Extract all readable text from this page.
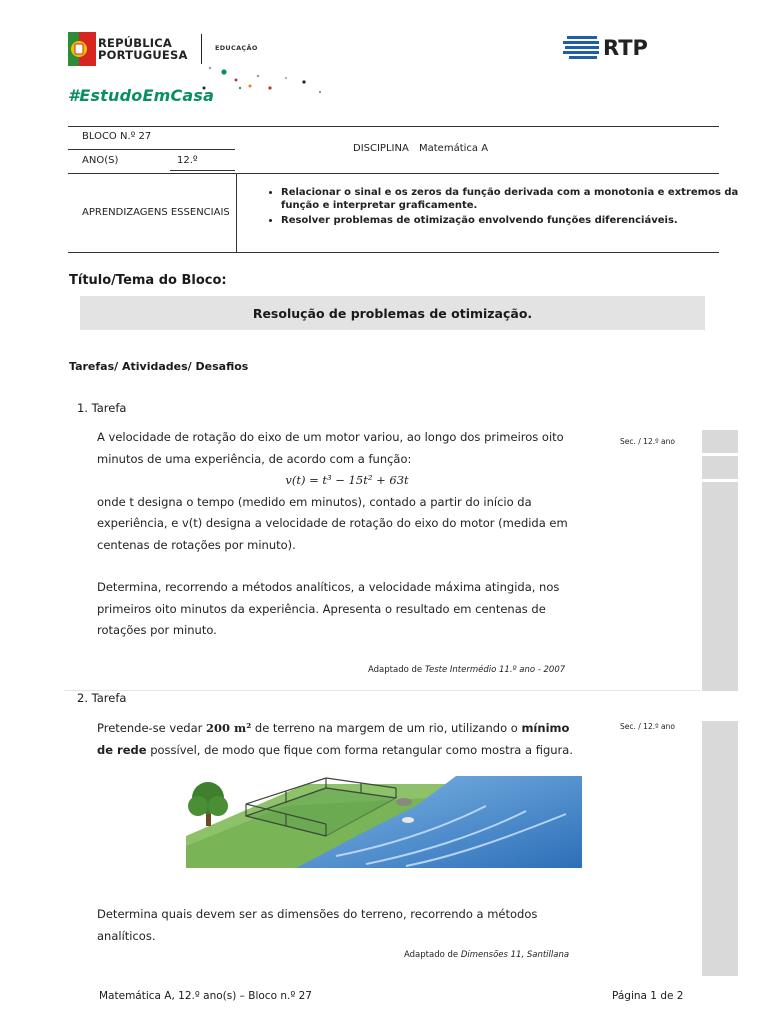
REPÚBLICA
PORTUGUESA	EDUCAÇÃO	RTP
#EstudoEmCasa
BLOCO N.º 27
ANO(S)	12.º
DISCIPLINA Matemática A
APRENDIZAGENS ESSENCIAIS
• Relacionar o sinal e os zeros da função derivada com a monotonia e extremos da função e interpretar graficamente.
• Resolver problemas de otimização envolvendo funções diferenciáveis.
Título/Tema do Bloco:
Resolução de problemas de otimização.
Tarefas/ Atividades/ Desafios
1. Tarefa
Sec. / 12.º ano
A velocidade de rotação do eixo de um motor variou, ao longo dos primeiros oito
minutos de uma experiência, de acordo com a função:
v(t) = t³ − 15t² + 63t
onde t designa o tempo (medido em minutos), contado a partir do início da
experiência, e v(t) designa a velocidade de rotação do eixo do motor (medida em
centenas de rotações por minuto).
Determina, recorrendo a métodos analíticos, a velocidade máxima atingida, nos
primeiros oito minutos da experiência. Apresenta o resultado em centenas de
rotações por minuto.
Adaptado de Teste Intermédio 11.º ano - 2007
2. Tarefa
Sec. / 12.º ano
Pretende-se vedar 200 m² de terreno na margem de um rio, utilizando o mínimo
de rede possível, de modo que fique com forma retangular como mostra a figura.
Determina quais devem ser as dimensões do terreno, recorrendo a métodos
analíticos.
Adaptado de Dimensões 11, Santillana
Matemática A, 12.º ano(s) – Bloco n.º 27	Página 1 de 2
